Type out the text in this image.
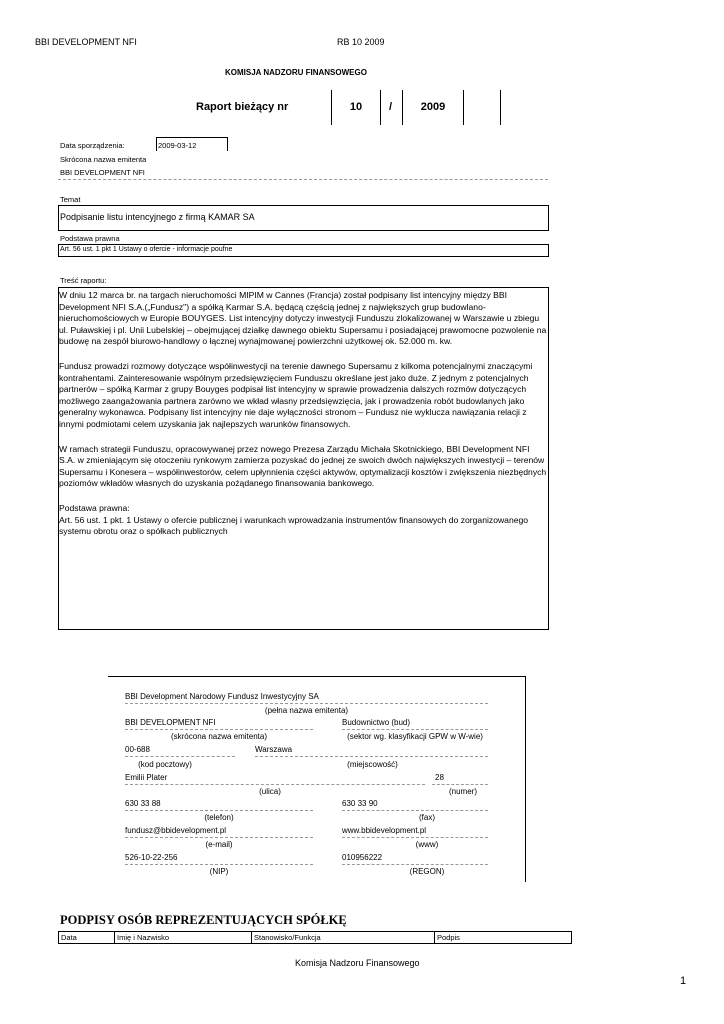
BBI DEVELOPMENT NFI	RB 10 2009
KOMISJA NADZORU FINANSOWEGO
Raport bieżący nr	10	/	2009
Data sporządzenia:	2009-03-12
Skrócona nazwa emitenta
BBI DEVELOPMENT NFI
Temat
Podpisanie listu intencyjnego z firmą KAMAR SA
Podstawa prawna
Art. 56 ust. 1 pkt 1 Ustawy o ofercie - informacje poufne
Treść raportu:

W dniu 12 marca br. na targach nieruchomości MIPIM w Cannes (Francja) został podpisany list intencyjny między BBI Development NFI S.A.(„Fundusz") a spółką Karmar S.A. będącą częścią jednej z największych grup budowlano-nieruchomościowych w Europie BOUYGES. List intencyjny dotyczy inwestycji Funduszu zlokalizowanej w Warszawie u zbiegu ul. Puławskiej i pl. Unii Lubelskiej – obejmującej działkę dawnego obiektu Supersamu i posiadającej prawomocne pozwolenie na budowę na zespół biurowo-handlowy o łącznej wynajmowanej powierzchni użytkowej ok. 52.000 m. kw.

Fundusz prowadzi rozmowy dotyczące współinwestycji na terenie dawnego Supersamu z kilkoma potencjalnymi znaczącymi kontrahentami. Zainteresowanie wspólnym przedsięwzięciem Funduszu określane jest jako duże. Z jednym z potencjalnych partnerów – spółką Karmar z grupy Bouyges podpisał list intencyjny w sprawie prowadzenia dalszych rozmów dotyczących możliwego zaangażowania partnera zarówno we wkład własny przedsięwzięcia, jak i prowadzenia robót budowlanych jako generalny wykonawca. Podpisany list intencyjny nie daje wyłączności stronom – Fundusz nie wyklucza nawiązania relacji z innymi podmiotami celem uzyskania jak najlepszych warunków finansowych.

W ramach strategii Funduszu, opracowywanej przez nowego Prezesa Zarządu Michała Skotnickiego, BBI Development NFI S.A. w zmieniającym się otoczeniu rynkowym zamierza pozyskać do jednej ze swoich dwóch największych inwestycji – terenów Supersamu i Konesera – współinwestorów, celem upłynnienia części aktywów, optymalizacji kosztów i zwiększenia niezbędnych poziomów wkładów własnych do uzyskania pożądanego finansowania bankowego.

Podstawa prawna:
Art. 56 ust. 1 pkt. 1 Ustawy o ofercie publicznej i warunkach wprowadzania instrumentów finansowych do zorganizowanego systemu obrotu oraz o spółkach publicznych
BBI Development Narodowy Fundusz Inwestycyjny SA
(pełna nazwa emitenta)
BBI DEVELOPMENT NFI
(skrócona nazwa emitenta)
Budownictwo (bud)
(sektor wg. klasyfikacji GPW w W-wie)
00-688
(kod pocztowy)
Warszawa
(miejscowość)
Emilii Plater
(ulica)
28
(numer)
630 33 88
(telefon)
630 33 90
(fax)
fundusz@bbidevelopment.pl
(e-mail)
www.bbidevelopment.pl
(www)
526-10-22-256
(NIP)
010956222
(REGON)
PODPISY OSÓB REPREZENTUJĄCYCH SPÓŁKĘ
Data	Imię i Nazwisko	Stanowisko/Funkcja	Podpis
Komisja Nadzoru Finansowego
1
